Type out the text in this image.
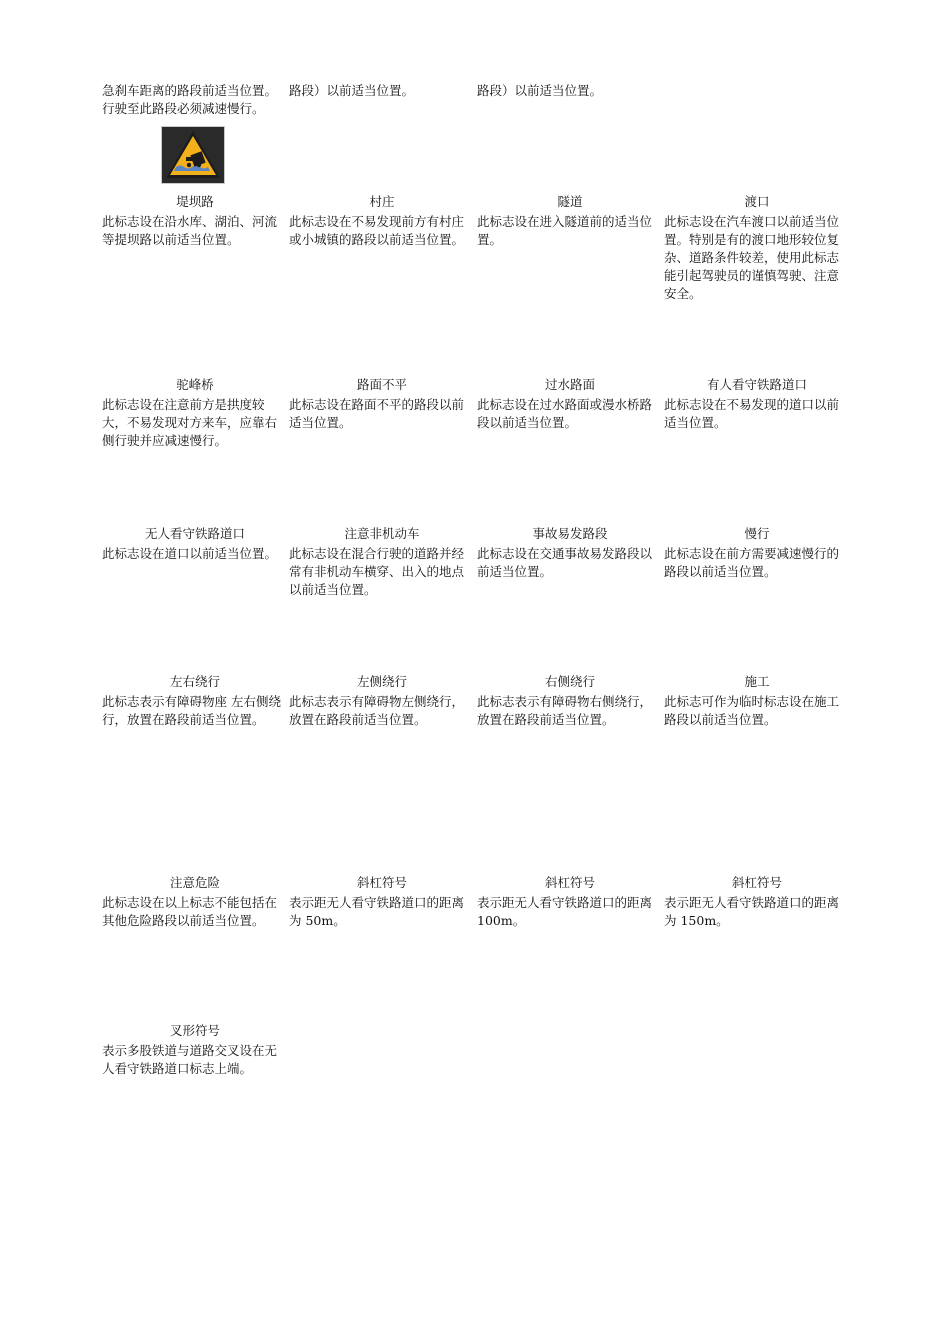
急刹车距离的路段前适当位置。行驶至此路段必须减速慢行。
路段）以前适当位置。	路段）以前适当位置。
堤坝路
此标志设在沿水库、湖泊、河流等提坝路以前适当位置。
村庄
此标志设在不易发现前方有村庄或小城镇的路段以前适当位置。
隧道
此标志设在进入隧道前的适当位置。
渡口
此标志设在汽车渡口以前适当位置。特别是有的渡口地形较位复杂、道路条件较差，使用此标志能引起驾驶员的谨慎驾驶、注意安全。
驼峰桥
此标志设在注意前方是拱度较大，不易发现对方来车，应靠右侧行驶并应减速慢行。
路面不平
此标志设在路面不平的路段以前适当位置。
过水路面
此标志设在过水路面或漫水桥路段以前适当位置。
有人看守铁路道口
此标志设在不易发现的道口以前适当位置。
无人看守铁路道口
此标志设在道口以前适当位置。
注意非机动车
此标志设在混合行驶的道路并经常有非机动车横穿、出入的地点以前适当位置。
事故易发路段
此标志设在交通事故易发路段以前适当位置。
慢行
此标志设在前方需要减速慢行的路段以前适当位置。
左右绕行
此标志表示有障碍物座 左右侧绕行，放置在路段前适当位置。
左侧绕行
此标志表示有障碍物左侧绕行，放置在路段前适当位置。
右侧绕行
此标志表示有障碍物右侧绕行，放置在路段前适当位置。
施工
此标志可作为临时标志设在施工路段以前适当位置。
注意危险
此标志设在以上标志不能包括在其他危险路段以前适当位置。
斜杠符号
表示距无人看守铁路道口的距离为 50m。
斜杠符号
表示距无人看守铁路道口的距离 100m。
斜杠符号
表示距无人看守铁路道口的距离为 150m。
叉形符号
表示多股铁道与道路交叉设在无人看守铁路道口标志上端。
